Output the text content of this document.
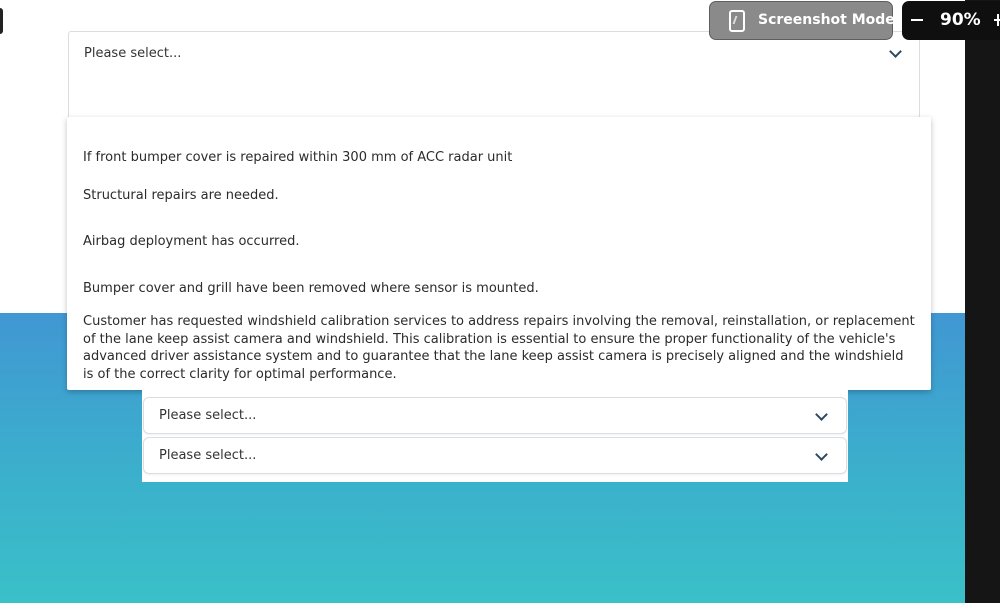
Please select...
If front bumper cover is repaired within 300 mm of ACC radar unit
Structural repairs are needed.
Airbag deployment has occurred.
Bumper cover and grill have been removed where sensor is mounted.
Customer has requested windshield calibration services to address repairs involving the removal, reinstallation, or replacement of the lane keep assist camera and windshield. This calibration is essential to ensure the proper functionality of the vehicle's advanced driver assistance system and to guarantee that the lane keep assist camera is precisely aligned and the windshield is of the correct clarity for optimal performance.
Please select...
Please select...
Screenshot Mode	90%
